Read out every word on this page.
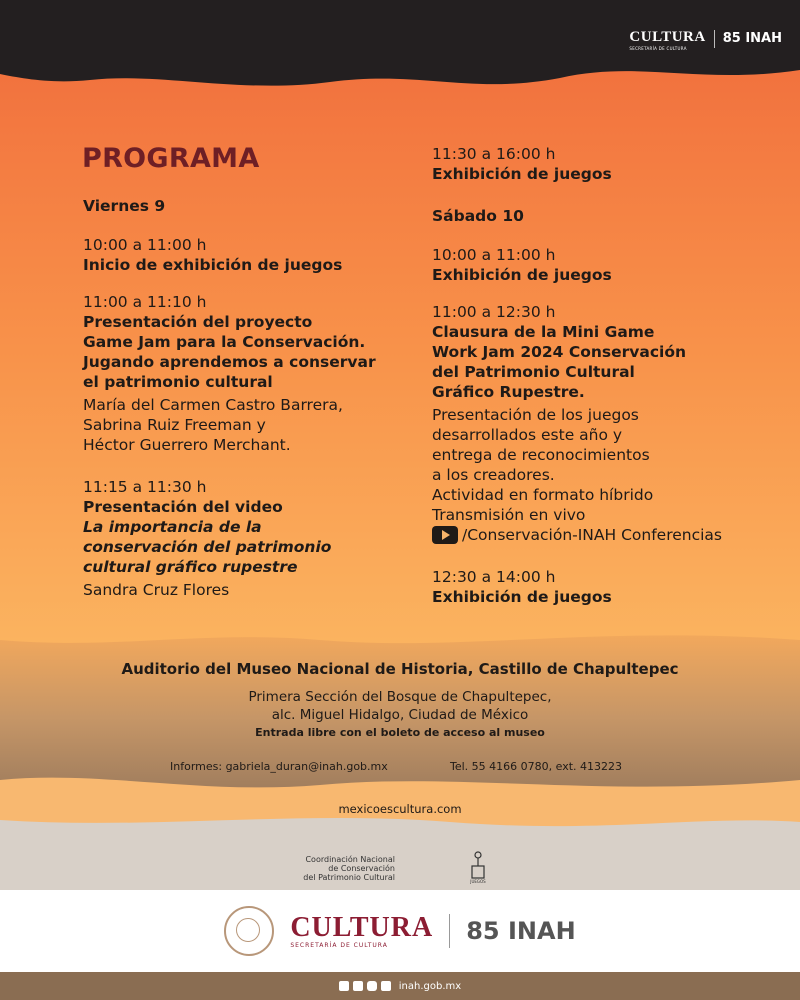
CULTURA
SECRETARÍA DE CULTURA
85 INAH
PROGRAMA
Viernes 9
10:00 a 11:00 h
Inicio de exhibición de juegos
11:00 a 11:10 h
Presentación del proyecto
Game Jam para la Conservación.
Jugando aprendemos a conservar
el patrimonio cultural
María del Carmen Castro Barrera,
Sabrina Ruiz Freeman y
Héctor Guerrero Merchant.
11:15 a 11:30 h
Presentación del video
La importancia de la
conservación del patrimonio
cultural gráfico rupestre
Sandra Cruz Flores
11:30 a 16:00 h
Exhibición de juegos
Sábado 10
10:00 a 11:00 h
Exhibición de juegos
11:00 a 12:30 h
Clausura de la Mini Game
Work Jam 2024 Conservación
del Patrimonio Cultural
Gráfico Rupestre.
Presentación de los juegos
desarrollados este año y
entrega de reconocimientos
a los creadores.
Actividad en formato híbrido
Transmisión en vivo
/Conservación-INAH Conferencias
12:30 a 14:00 h
Exhibición de juegos
Auditorio del Museo Nacional de Historia, Castillo de Chapultepec
Primera Sección del Bosque de Chapultepec,
alc. Miguel Hidalgo, Ciudad de México
Entrada libre con el boleto de acceso al museo
Informes: gabriela_duran@inah.gob.mx	Tel. 55 4166 0780, ext. 413223
mexicoescultura.com
Coordinación Nacional
de Conservación
del Patrimonio Cultural	JUEGOS
CULTURA
SECRETARÍA DE CULTURA	85 INAH
inah.gob.mx
